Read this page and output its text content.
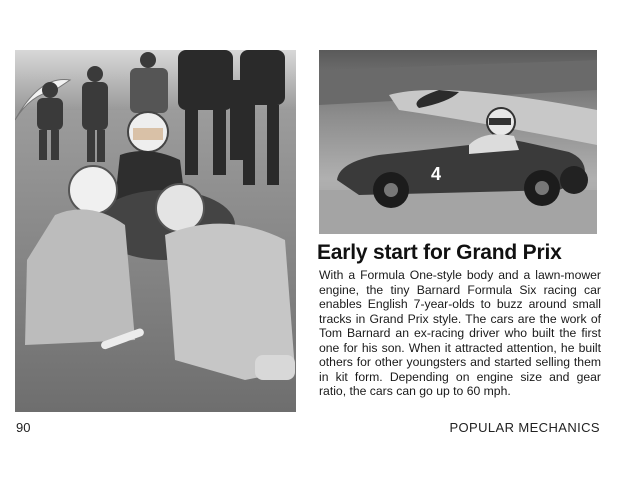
4
Early start for Grand Prix

With a Formula One-style body and a lawn-mower engine, the tiny Barnard Formula Six racing car enables English 7-year-olds to buzz around small tracks in Grand Prix style. The cars are the work of Tom Barnard an ex-racing driver who built the first one for his son. When it attracted attention, he built others for other youngsters and started selling them in kit form. Depending on engine size and gear ratio, the cars can go up to 60 mph.

90	POPULAR MECHANICS
